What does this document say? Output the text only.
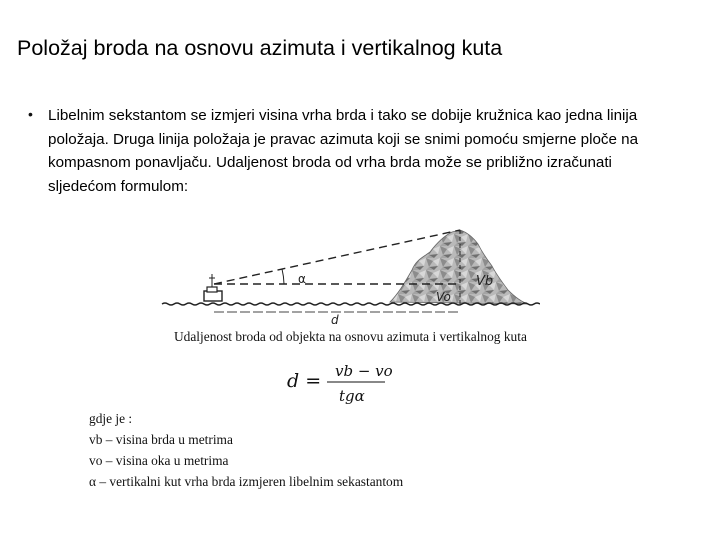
Položaj broda na osnovu azimuta i vertikalnog kuta
• Libelnim sekstantom se izmjeri visina vrha brda i tako se dobije kružnica kao jedna linija položaja. Druga linija položaja je pravac azimuta koji se snimi pomoću smjerne ploče na kompasnom ponavljaču. Udaljenost broda od vrha brda može se približno izračunati sljedećom formulom:
α	Vb
Vo
d
Udaljenost broda od objekta na osnovu azimuta i vertikalnog kuta
d = vb − vo
tgα
gdje je :
vb – visina brda u metrima
vo – visina oka u metrima
α – vertikalni kut vrha brda izmjeren libelnim sekastantom
